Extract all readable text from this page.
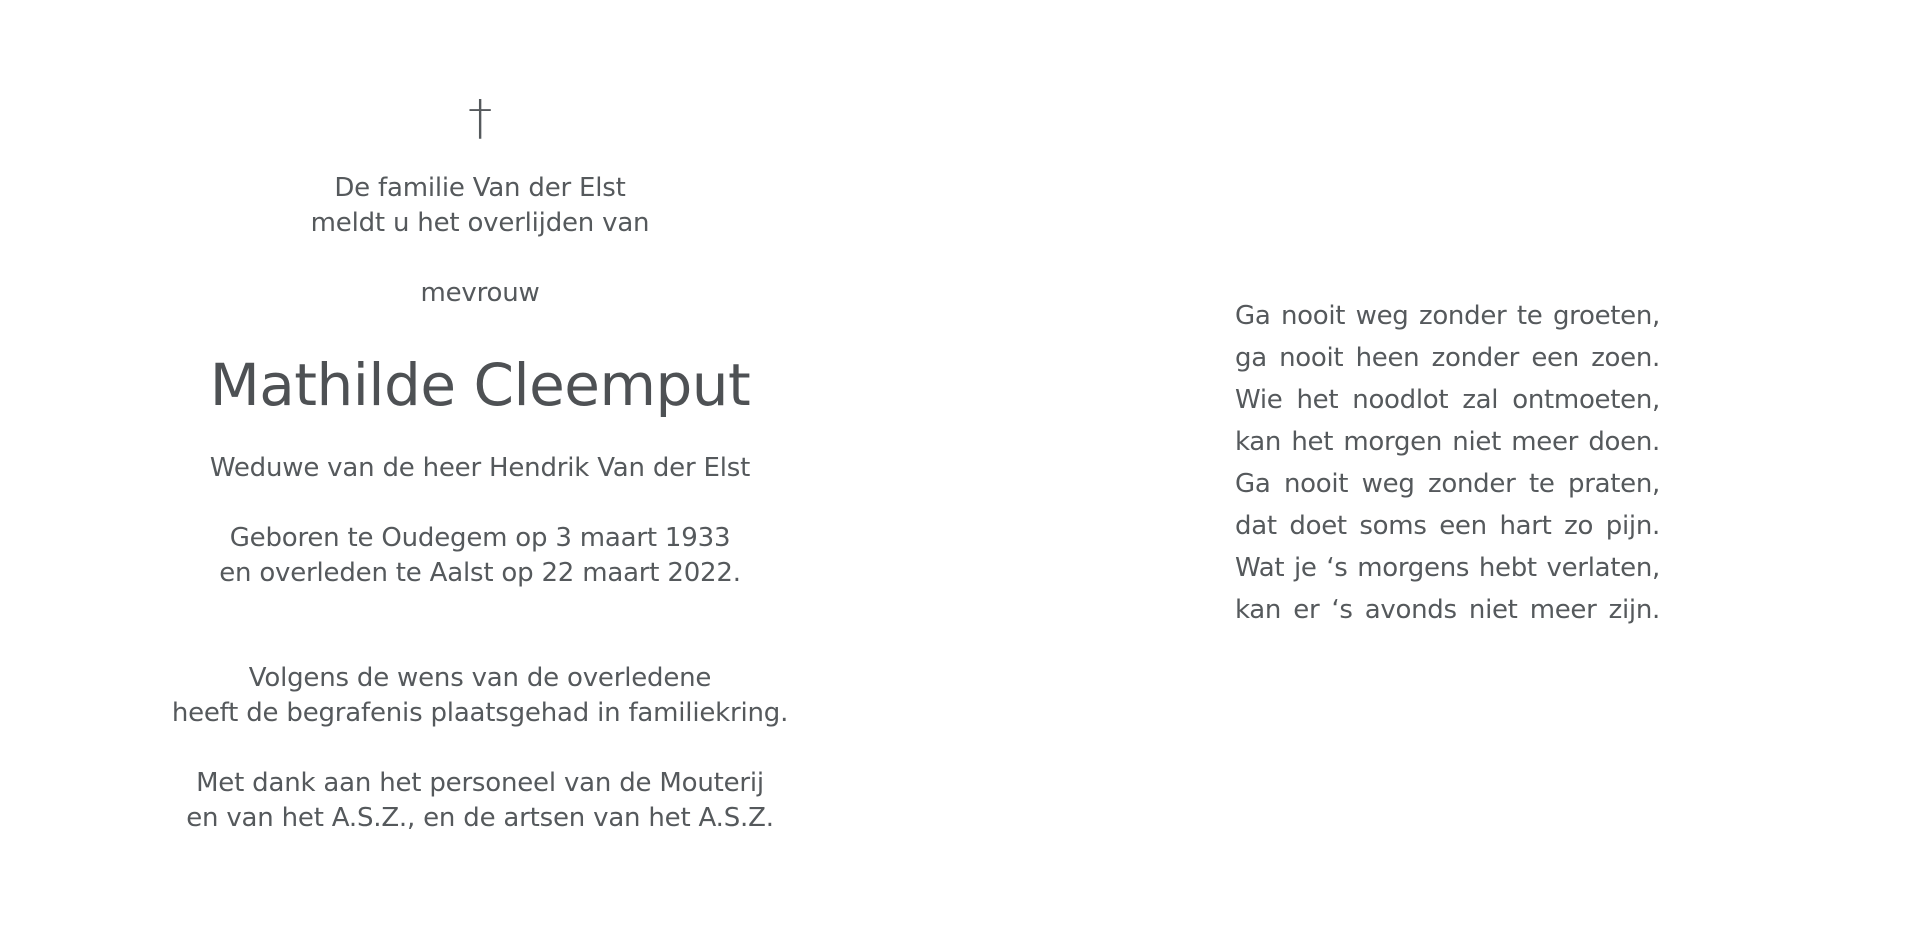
†
De familie Van der Elst
meldt u het overlijden van
mevrouw
Mathilde Cleemput
Weduwe van de heer Hendrik Van der Elst
Geboren te Oudegem op 3 maart 1933
en overleden te Aalst op 22 maart 2022.
Volgens de wens van de overledene
heeft de begrafenis plaatsgehad in familiekring.
Met dank aan het personeel van de Mouterij
en van het A.S.Z., en de artsen van het A.S.Z.
Ga nooit weg zonder te groeten,
ga nooit heen zonder een zoen.
Wie het noodlot zal ontmoeten,
kan het morgen niet meer doen.
Ga nooit weg zonder te praten,
dat doet soms een hart zo pijn.
Wat je ‘s morgens hebt verlaten,
kan er ‘s avonds niet meer zijn.
